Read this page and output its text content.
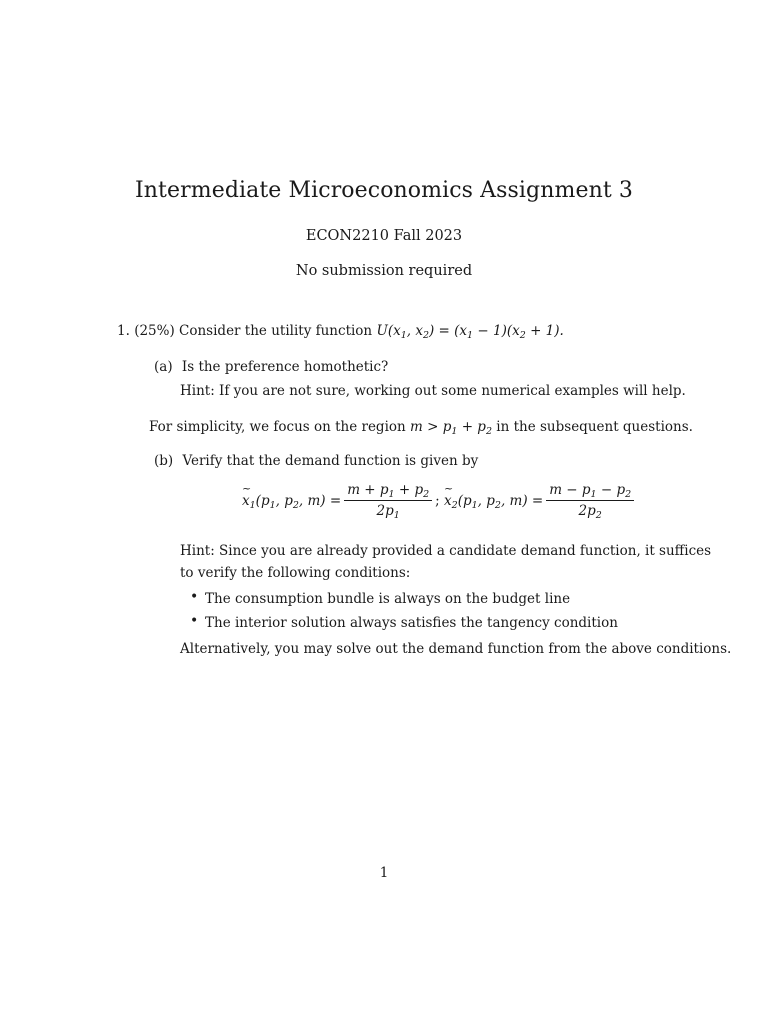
Intermediate Microeconomics Assignment 3
ECON2210 Fall 2023
No submission required
1. (25%) Consider the utility function $U(x_1$, $x_2) = (x_1 - 1)(x_2 + 1)$.
(a) Is the preference homothetic?
Hint: If you are not sure, working out some numerical examples will help.
For simplicity, we focus on the region $m > p_1 + p_2$ in the subsequent questions.
(b) Verify that the demand function is given by
~ $x_1(p_1$, $p_2$, $m) = \frac{m + p_1 + p_2}{2p_1}$ ;
~ $x_2(p_1$, $p_2$, $m) = \frac{m - p_1 - p_2}{2p_2}$
Hint: Since you are already provided a candidate demand function, it suffices
to verify the following conditions:
• The consumption bundle is always on the budget line
• The interior solution always satisfies the tangency condition
Alternatively, you may solve out the demand function from the above conditions.
1
